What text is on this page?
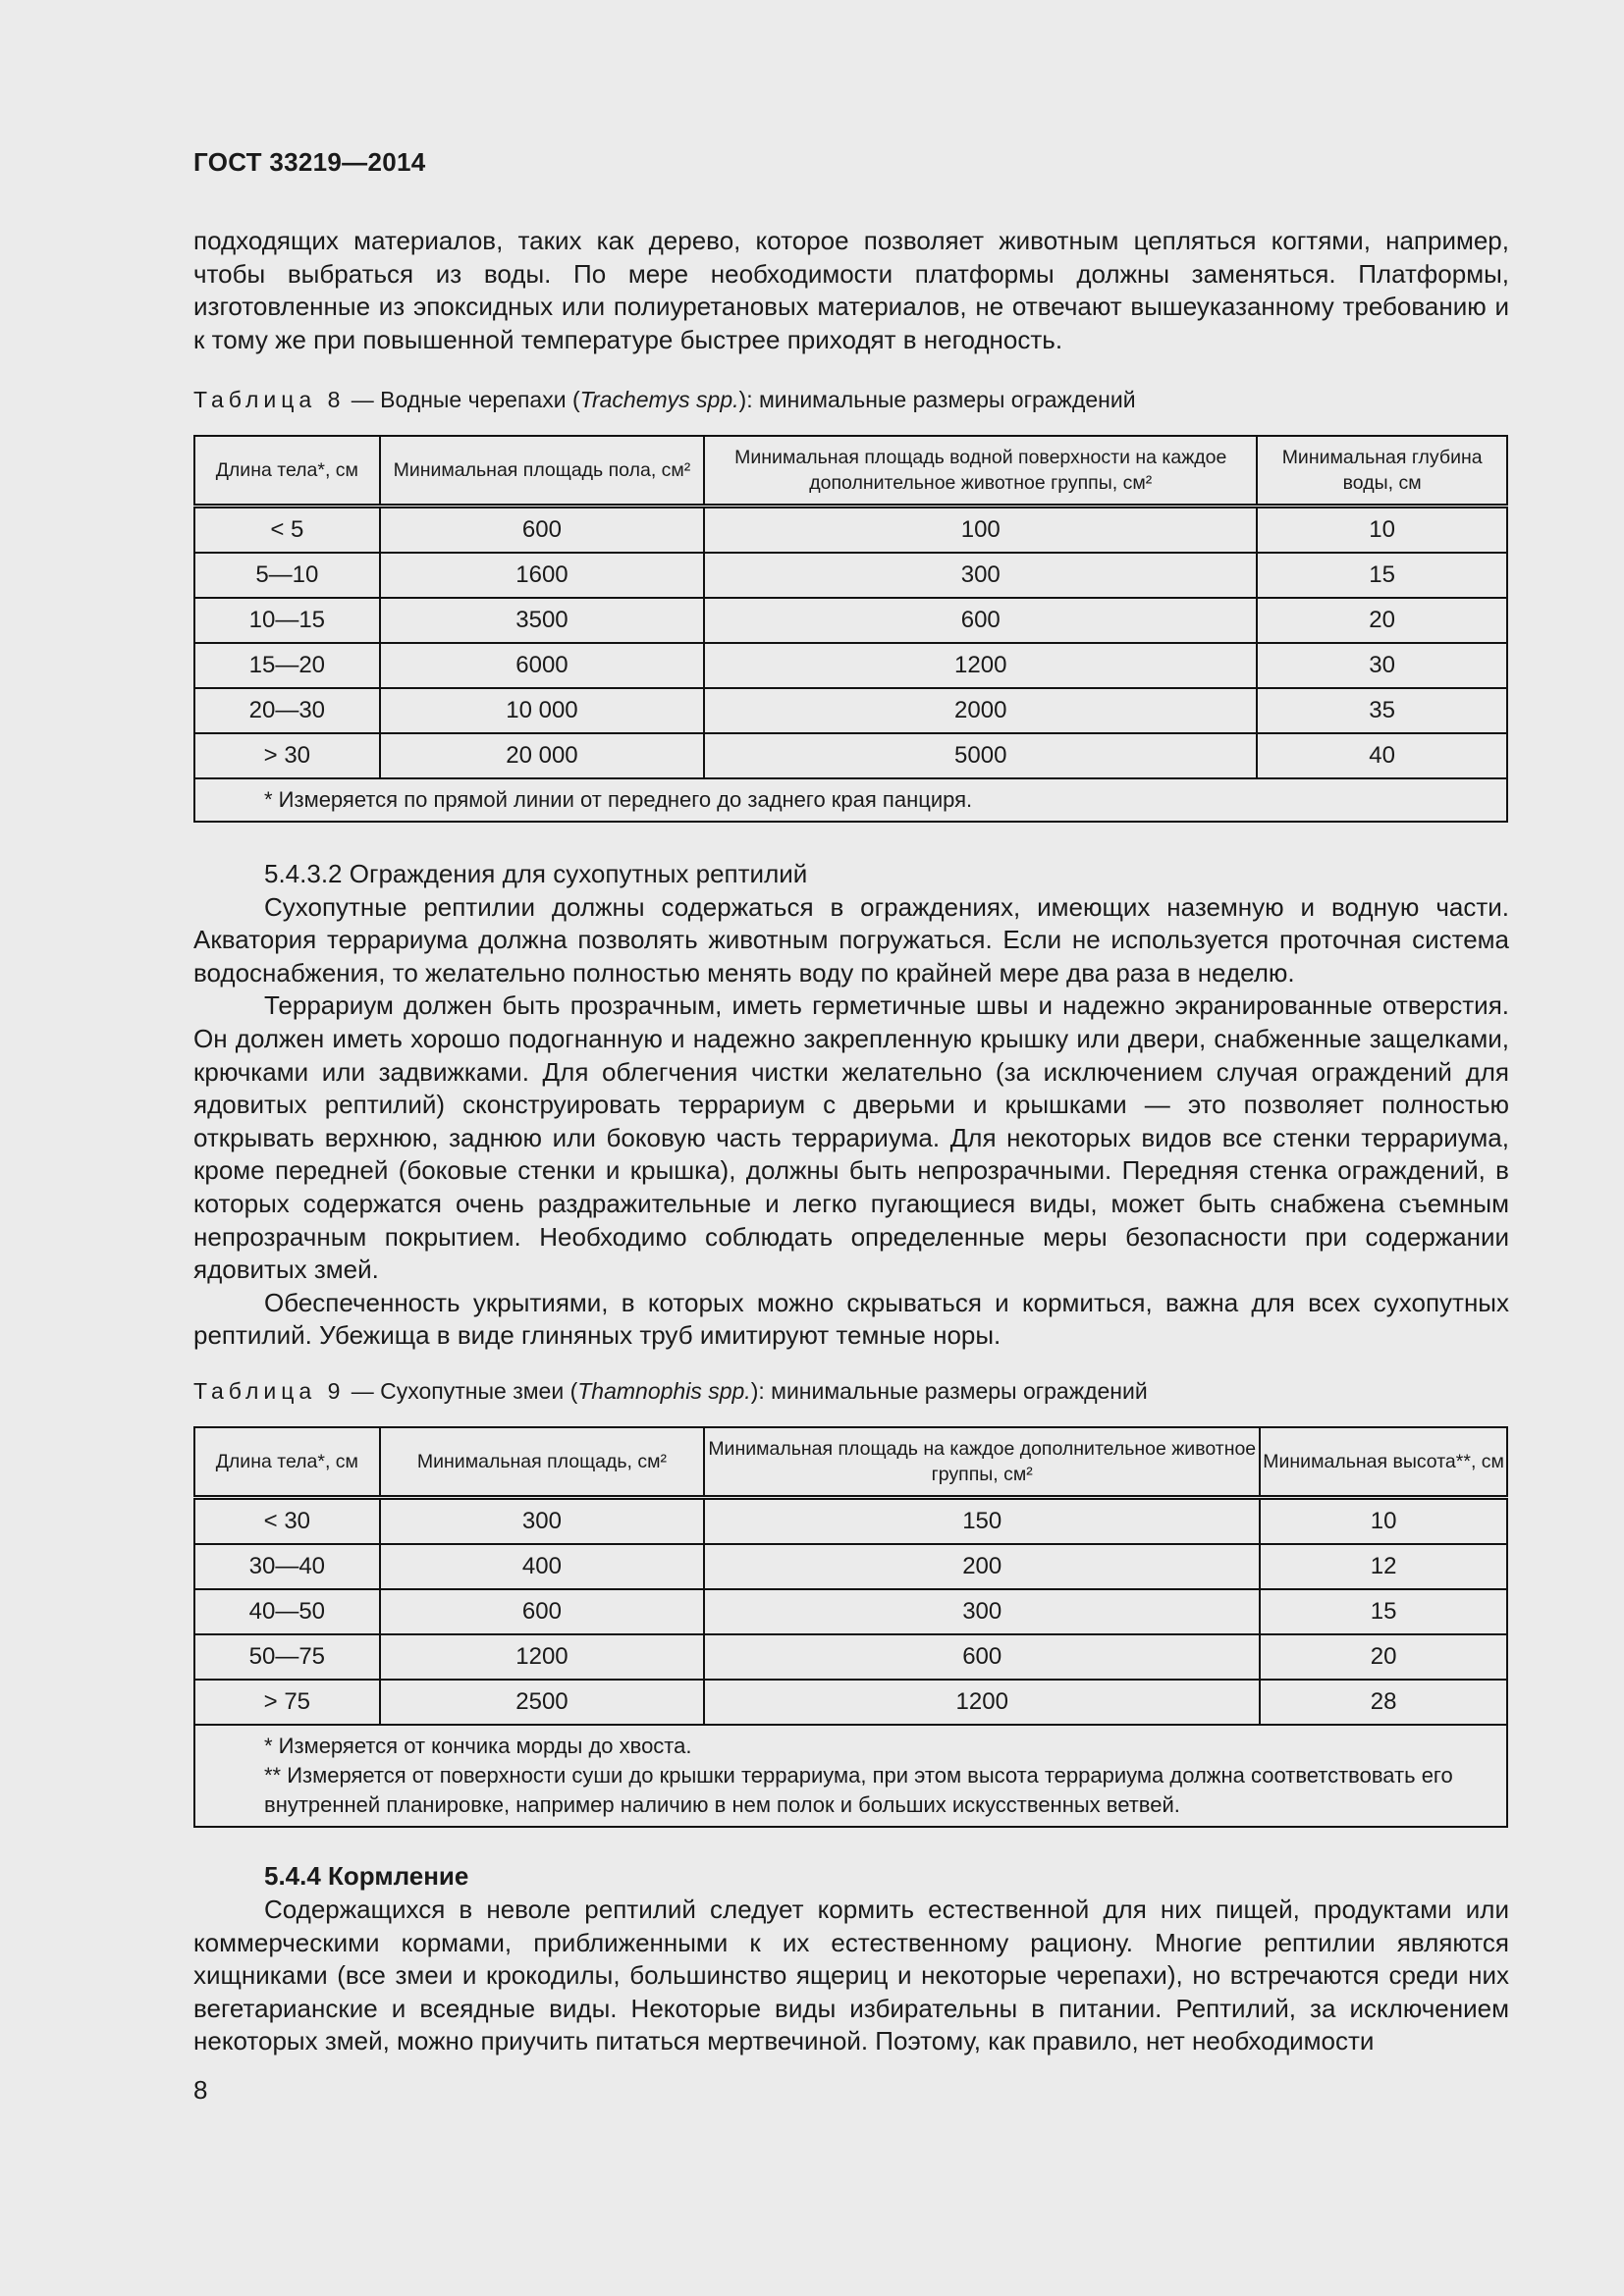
ГОСТ 33219—2014
подходящих материалов, таких как дерево, которое позволяет животным цепляться когтями, например, чтобы выбраться из воды. По мере необходимости платформы должны заменяться. Платформы, изготовленные из эпоксидных или полиуретановых материалов, не отвечают вышеуказанному требованию и к тому же при повышенной температуре быстрее приходят в негодность.
Таблица 8 — Водные черепахи (Trachemys spp.): минимальные размеры ограждений
Длина тела*, см	Минимальная площадь пола, см²	Минимальная площадь водной поверхности на каждое дополнительное животное группы, см²	Минимальная глубина воды, см
< 5	600	100	10
5—10	1600	300	15
10—15	3500	600	20
15—20	6000	1200	30
20—30	10 000	2000	35
> 30	20 000	5000	40

* Измеряется по прямой линии от переднего до заднего края панциря.			
5.4.3.2 Ограждения для сухопутных рептилий
Сухопутные рептилии должны содержаться в ограждениях, имеющих наземную и водную части. Акватория террариума должна позволять животным погружаться. Если не используется проточная система водоснабжения, то желательно полностью менять воду по крайней мере два раза в неделю.
Террариум должен быть прозрачным, иметь герметичные швы и надежно экранированные отверстия. Он должен иметь хорошо подогнанную и надежно закрепленную крышку или двери, снабженные защелками, крючками или задвижками. Для облегчения чистки желательно (за исключением случая ограждений для ядовитых рептилий) сконструировать террариум с дверьми и крышками — это позволяет полностью открывать верхнюю, заднюю или боковую часть террариума. Для некоторых видов все стенки террариума, кроме передней (боковые стенки и крышка), должны быть непрозрачными. Передняя стенка ограждений, в которых содержатся очень раздражительные и легко пугающиеся виды, может быть снабжена съемным непрозрачным покрытием. Необходимо соблюдать определенные меры безопасности при содержании ядовитых змей.
Обеспеченность укрытиями, в которых можно скрываться и кормиться, важна для всех сухопутных рептилий. Убежища в виде глиняных труб имитируют темные норы.
Таблица 9 — Сухопутные змеи (Thamnophis spp.): минимальные размеры ограждений
Длина тела*, см	Минимальная площадь, см²	Минимальная площадь на каждое дополнительное животное группы, см²	Минимальная высота**, см
< 30	300	150	10
30—40	400	200	12
40—50	600	300	15
50—75	1200	600	20
> 75	2500	1200	28

* Измеряется от кончика морды до хвоста.
** Измеряется от поверхности суши до крышки террариума, при этом высота террариума должна соответствовать его внутренней планировке, например наличию в нем полок и больших искусственных ветвей.			
5.4.4 Кормление
Содержащихся в неволе рептилий следует кормить естественной для них пищей, продуктами или коммерческими кормами, приближенными к их естественному рациону. Многие рептилии являются хищниками (все змеи и крокодилы, большинство ящериц и некоторые черепахи), но встречаются среди них вегетарианские и всеядные виды. Некоторые виды избирательны в питании. Рептилий, за исключением некоторых змей, можно приучить питаться мертвечиной. Поэтому, как правило, нет необходимости
8
